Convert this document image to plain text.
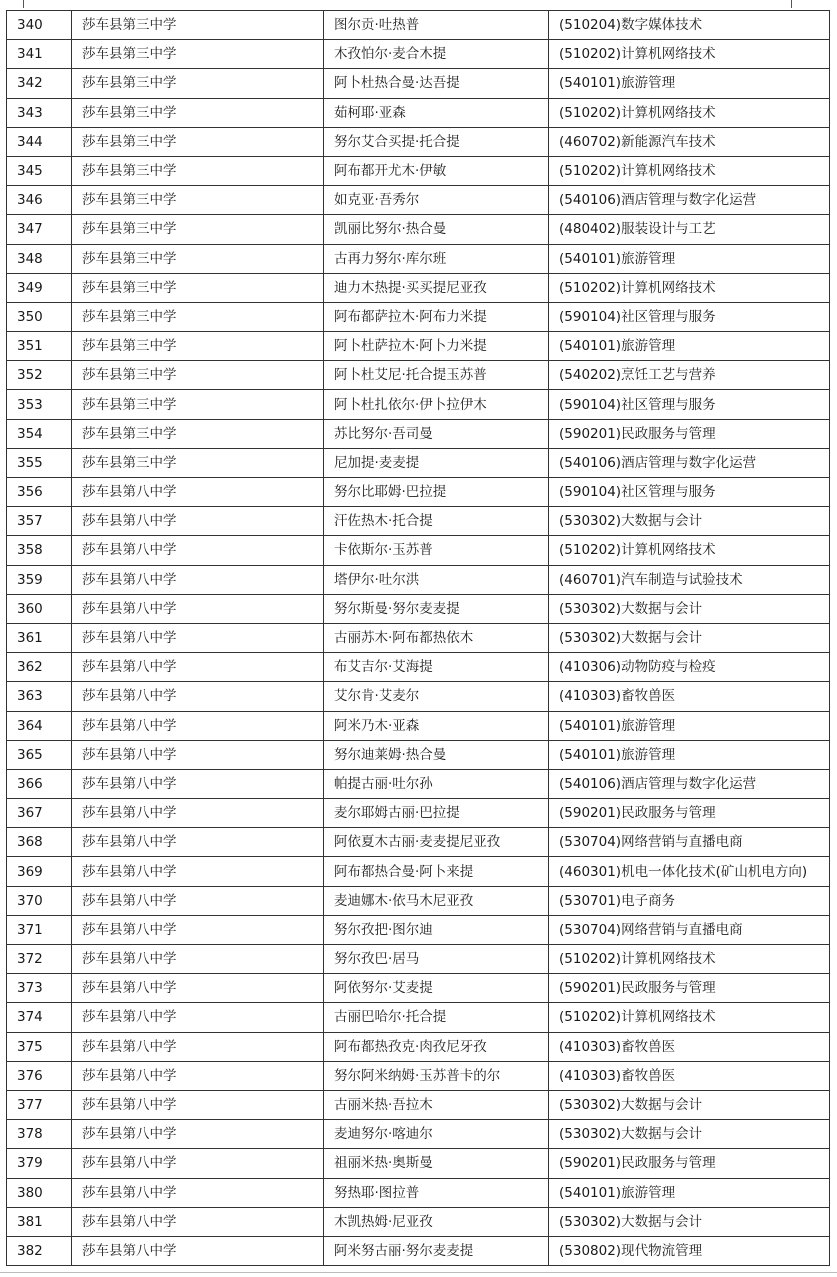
340	莎车县第三中学	图尔贡·吐热普	(510204)数字媒体技术
341	莎车县第三中学	木孜怕尔·麦合木提	(510202)计算机网络技术
342	莎车县第三中学	阿卜杜热合曼·达吾提	(540101)旅游管理
343	莎车县第三中学	茹柯耶·亚森	(510202)计算机网络技术
344	莎车县第三中学	努尔艾合买提·托合提	(460702)新能源汽车技术
345	莎车县第三中学	阿布都开尤木·伊敏	(510202)计算机网络技术
346	莎车县第三中学	如克亚·吾秀尔	(540106)酒店管理与数字化运营
347	莎车县第三中学	凯丽比努尔·热合曼	(480402)服装设计与工艺
348	莎车县第三中学	古再力努尔·库尔班	(540101)旅游管理
349	莎车县第三中学	迪力木热提·买买提尼亚孜	(510202)计算机网络技术
350	莎车县第三中学	阿布都萨拉木·阿布力米提	(590104)社区管理与服务
351	莎车县第三中学	阿卜杜萨拉木·阿卜力米提	(540101)旅游管理
352	莎车县第三中学	阿卜杜艾尼·托合提玉苏普	(540202)烹饪工艺与营养
353	莎车县第三中学	阿卜杜扎依尔·伊卜拉伊木	(590104)社区管理与服务
354	莎车县第三中学	苏比努尔·吾司曼	(590201)民政服务与管理
355	莎车县第三中学	尼加提·麦麦提	(540106)酒店管理与数字化运营
356	莎车县第八中学	努尔比耶姆·巴拉提	(590104)社区管理与服务
357	莎车县第八中学	汗佐热木·托合提	(530302)大数据与会计
358	莎车县第八中学	卡依斯尔·玉苏普	(510202)计算机网络技术
359	莎车县第八中学	塔伊尔·吐尔洪	(460701)汽车制造与试验技术
360	莎车县第八中学	努尔斯曼·努尔麦麦提	(530302)大数据与会计
361	莎车县第八中学	古丽苏木·阿布都热依木	(530302)大数据与会计
362	莎车县第八中学	布艾吉尔·艾海提	(410306)动物防疫与检疫
363	莎车县第八中学	艾尔肯·艾麦尔	(410303)畜牧兽医
364	莎车县第八中学	阿米乃木·亚森	(540101)旅游管理
365	莎车县第八中学	努尔迪莱姆·热合曼	(540101)旅游管理
366	莎车县第八中学	帕提古丽·吐尔孙	(540106)酒店管理与数字化运营
367	莎车县第八中学	麦尔耶姆古丽·巴拉提	(590201)民政服务与管理
368	莎车县第八中学	阿依夏木古丽·麦麦提尼亚孜	(530704)网络营销与直播电商
369	莎车县第八中学	阿布都热合曼·阿卜来提	(460301)机电一体化技术(矿山机电方向)
370	莎车县第八中学	麦迪娜木·依马木尼亚孜	(530701)电子商务
371	莎车县第八中学	努尔孜把·图尔迪	(530704)网络营销与直播电商
372	莎车县第八中学	努尔孜巴·居马	(510202)计算机网络技术
373	莎车县第八中学	阿依努尔·艾麦提	(590201)民政服务与管理
374	莎车县第八中学	古丽巴哈尔·托合提	(510202)计算机网络技术
375	莎车县第八中学	阿布都热孜克·肉孜尼牙孜	(410303)畜牧兽医
376	莎车县第八中学	努尔阿米纳姆·玉苏普卡的尔	(410303)畜牧兽医
377	莎车县第八中学	古丽米热·吾拉木	(530302)大数据与会计
378	莎车县第八中学	麦迪努尔·喀迪尔	(530302)大数据与会计
379	莎车县第八中学	祖丽米热·奥斯曼	(590201)民政服务与管理
380	莎车县第八中学	努热耶·图拉普	(540101)旅游管理
381	莎车县第八中学	木凯热姆·尼亚孜	(530302)大数据与会计
382	莎车县第八中学	阿米努古丽·努尔麦麦提	(530802)现代物流管理
